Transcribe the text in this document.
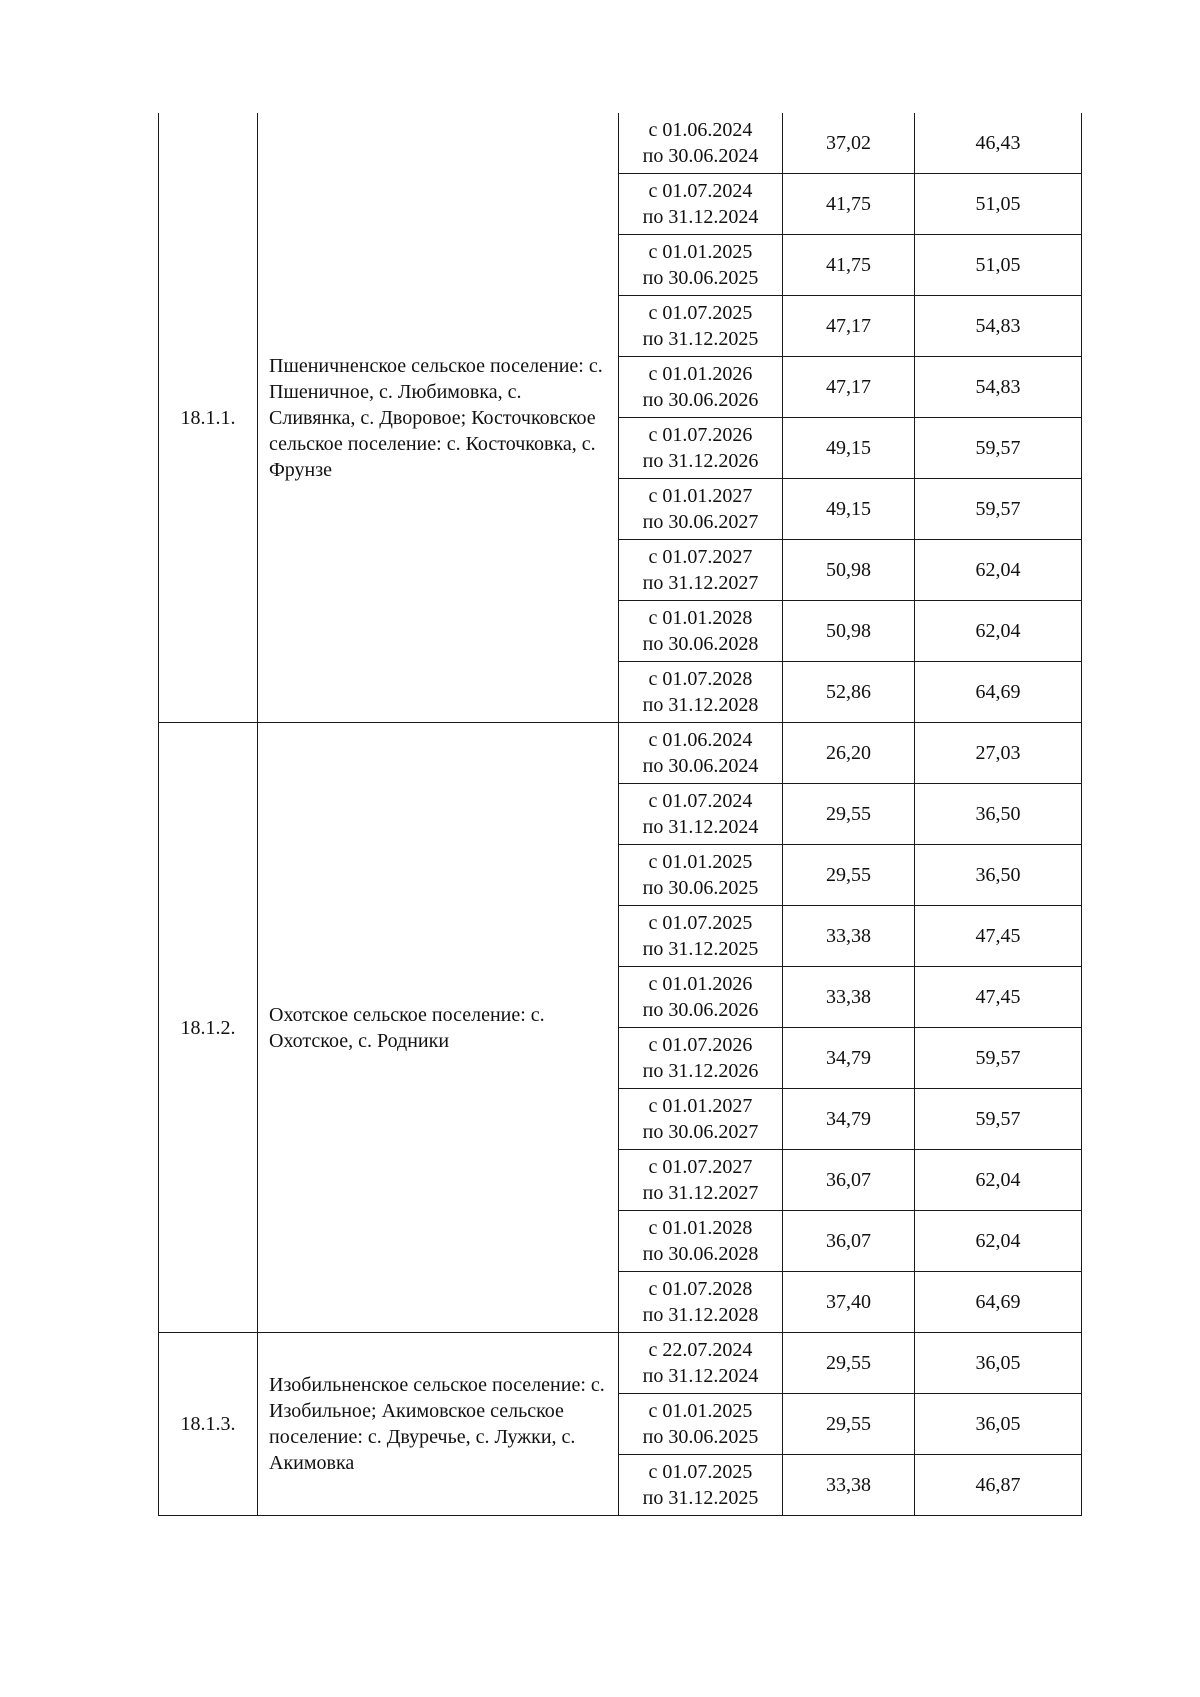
18.1.1.	Пшеничненское сельское поселение: с. Пшеничное, с. Любимовка, с. Сливянка, с. Дворовое; Косточковское сельское поселение: с. Косточковка, с. Фрунзе	с 01.06.2024
по 30.06.2024	37,02	46,43

		с 01.07.2024
по 31.12.2024	41,75	51,05

		с 01.01.2025
по 30.06.2025	41,75	51,05

		с 01.07.2025
по 31.12.2025	47,17	54,83

		с 01.01.2026
по 30.06.2026	47,17	54,83

		с 01.07.2026
по 31.12.2026	49,15	59,57

		с 01.01.2027
по 30.06.2027	49,15	59,57

		с 01.07.2027
по 31.12.2027	50,98	62,04

		с 01.01.2028
по 30.06.2028	50,98	62,04

		с 01.07.2028
по 31.12.2028	52,86	64,69
18.1.2.	Охотское сельское поселение: с. Охотское, с. Родники	с 01.06.2024
по 30.06.2024	26,20	27,03

		с 01.07.2024
по 31.12.2024	29,55	36,50

		с 01.01.2025
по 30.06.2025	29,55	36,50

		с 01.07.2025
по 31.12.2025	33,38	47,45

		с 01.01.2026
по 30.06.2026	33,38	47,45

		с 01.07.2026
по 31.12.2026	34,79	59,57

		с 01.01.2027
по 30.06.2027	34,79	59,57

		с 01.07.2027
по 31.12.2027	36,07	62,04

		с 01.01.2028
по 30.06.2028	36,07	62,04

		с 01.07.2028
по 31.12.2028	37,40	64,69
18.1.3.	Изобильненское сельское поселение: с. Изобильное; Акимовское сельское поселение: с. Двуречье, с. Лужки, с. Акимовка	с 22.07.2024
по 31.12.2024	29,55	36,05

		с 01.01.2025
по 30.06.2025	29,55	36,05

		с 01.07.2025
по 31.12.2025	33,38	46,87
